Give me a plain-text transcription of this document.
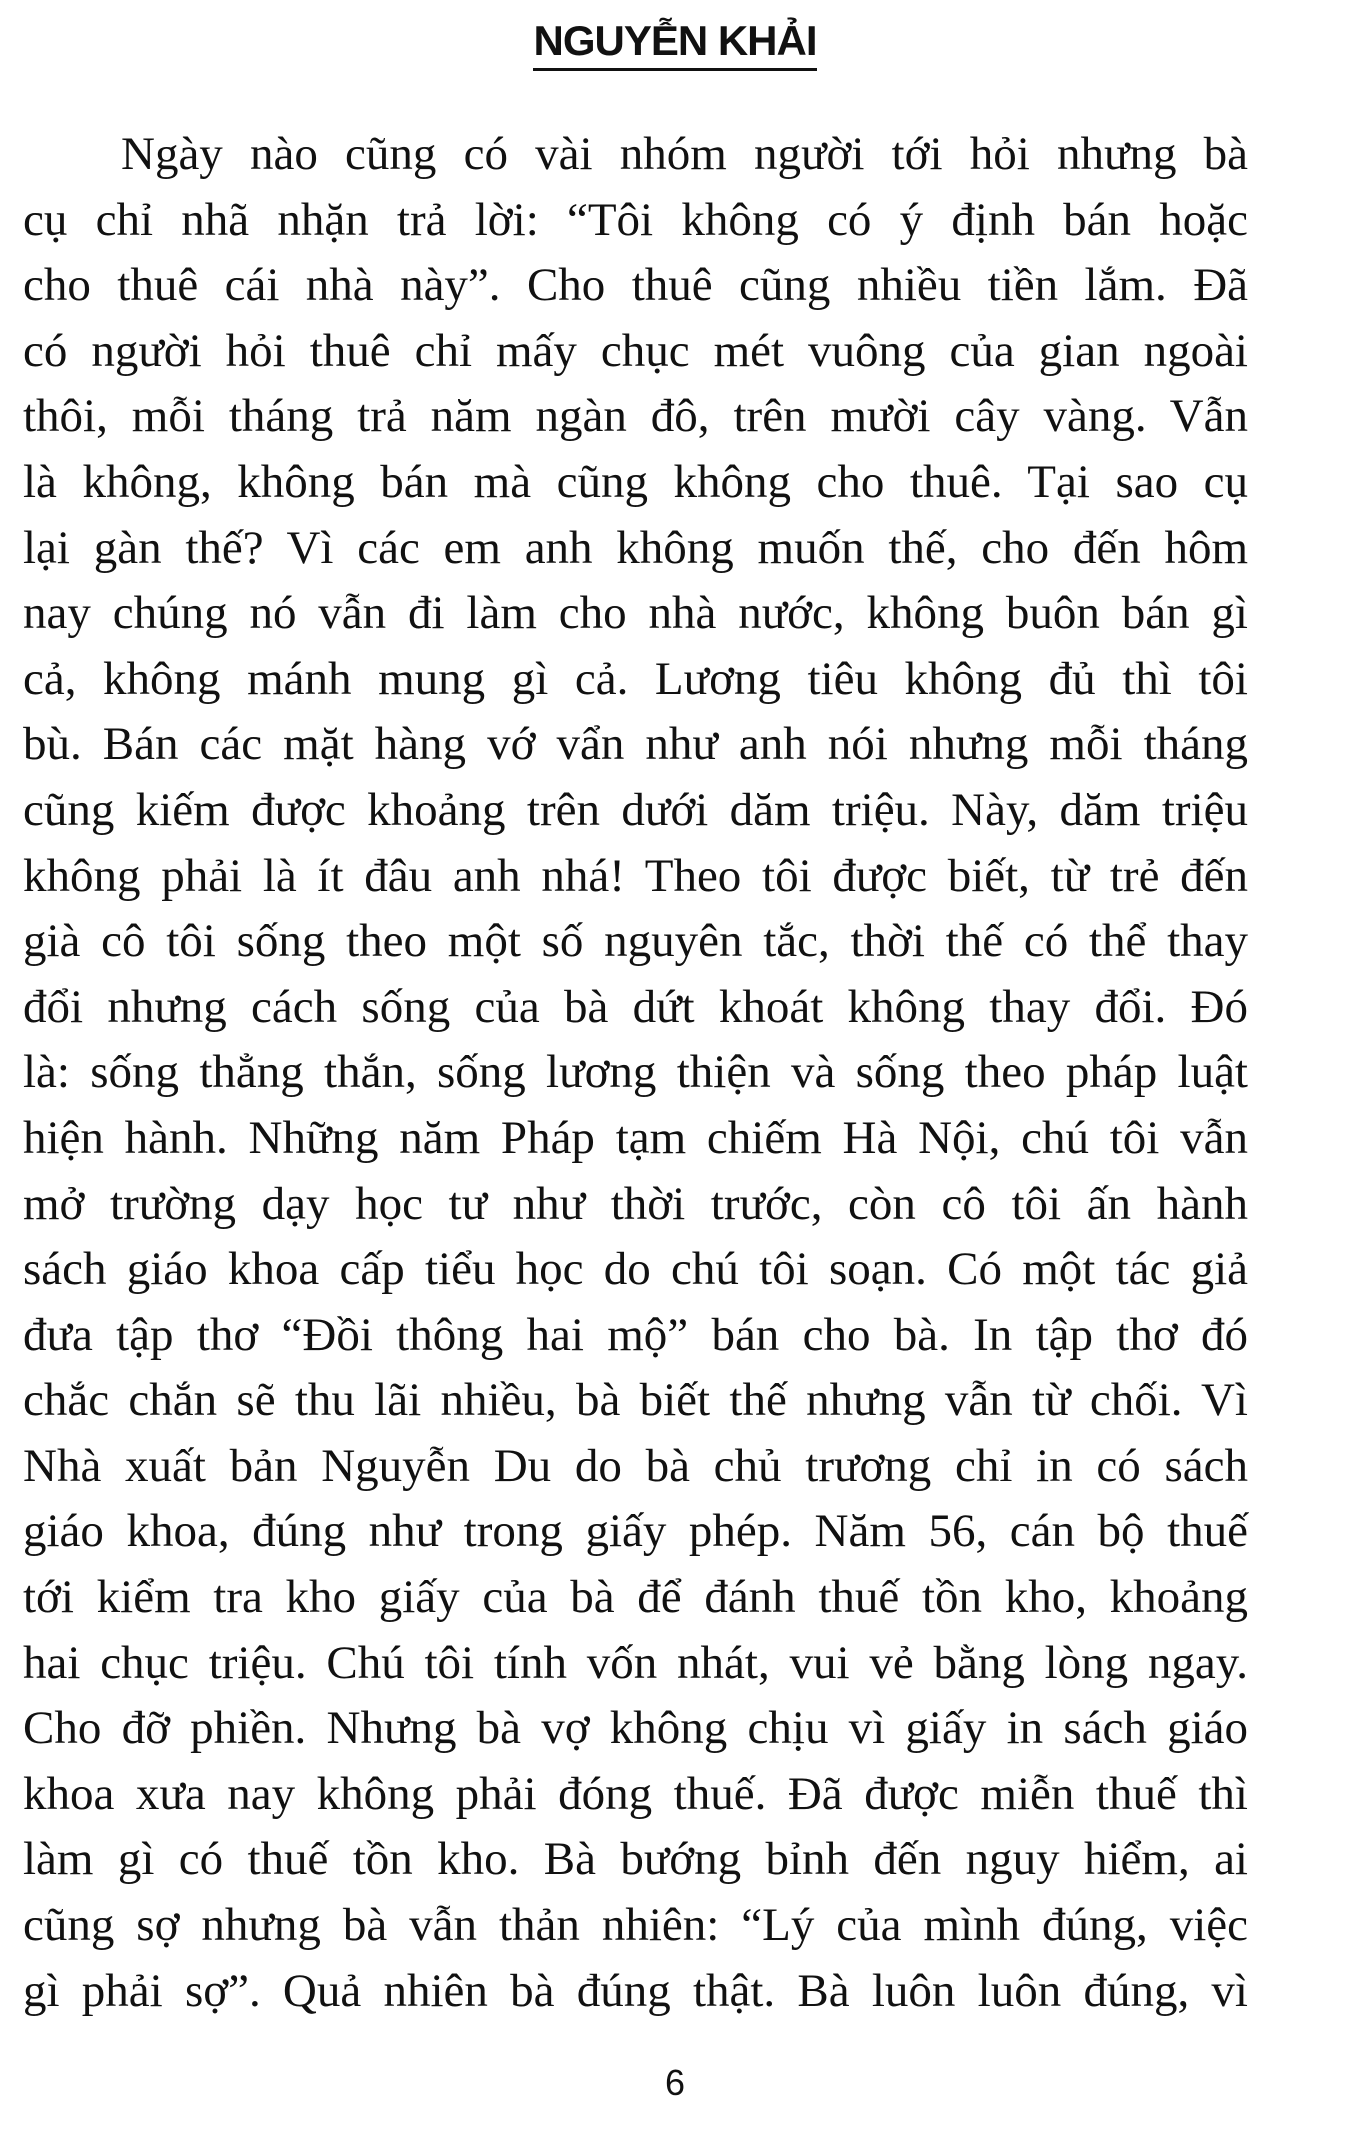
NGUYỄN KHẢI
Ngày nào cũng có vài nhóm người tới hỏi nhưng bà
cụ chỉ nhã nhặn trả lời: “Tôi không có ý định bán hoặc
cho thuê cái nhà này”. Cho thuê cũng nhiều tiền lắm. Đã
có người hỏi thuê chỉ mấy chục mét vuông của gian ngoài
thôi, mỗi tháng trả năm ngàn đô, trên mười cây vàng. Vẫn
là không, không bán mà cũng không cho thuê. Tại sao cụ
lại gàn thế? Vì các em anh không muốn thế, cho đến hôm
nay chúng nó vẫn đi làm cho nhà nước, không buôn bán gì
cả, không mánh mung gì cả. Lương tiêu không đủ thì tôi
bù. Bán các mặt hàng vớ vẩn như anh nói nhưng mỗi tháng
cũng kiếm được khoảng trên dưới dăm triệu. Này, dăm triệu
không phải là ít đâu anh nhá! Theo tôi được biết, từ trẻ đến
già cô tôi sống theo một số nguyên tắc, thời thế có thể thay
đổi nhưng cách sống của bà dứt khoát không thay đổi. Đó
là: sống thẳng thắn, sống lương thiện và sống theo pháp luật
hiện hành. Những năm Pháp tạm chiếm Hà Nội, chú tôi vẫn
mở trường dạy học tư như thời trước, còn cô tôi ấn hành
sách giáo khoa cấp tiểu học do chú tôi soạn. Có một tác giả
đưa tập thơ “Đồi thông hai mộ” bán cho bà. In tập thơ đó
chắc chắn sẽ thu lãi nhiều, bà biết thế nhưng vẫn từ chối. Vì
Nhà xuất bản Nguyễn Du do bà chủ trương chỉ in có sách
giáo khoa, đúng như trong giấy phép. Năm 56, cán bộ thuế
tới kiểm tra kho giấy của bà để đánh thuế tồn kho, khoảng
hai chục triệu. Chú tôi tính vốn nhát, vui vẻ bằng lòng ngay.
Cho đỡ phiền. Nhưng bà vợ không chịu vì giấy in sách giáo
khoa xưa nay không phải đóng thuế. Đã được miễn thuế thì
làm gì có thuế tồn kho. Bà bướng bỉnh đến nguy hiểm, ai
cũng sợ nhưng bà vẫn thản nhiên: “Lý của mình đúng, việc
gì phải sợ”. Quả nhiên bà đúng thật. Bà luôn luôn đúng, vì
6
